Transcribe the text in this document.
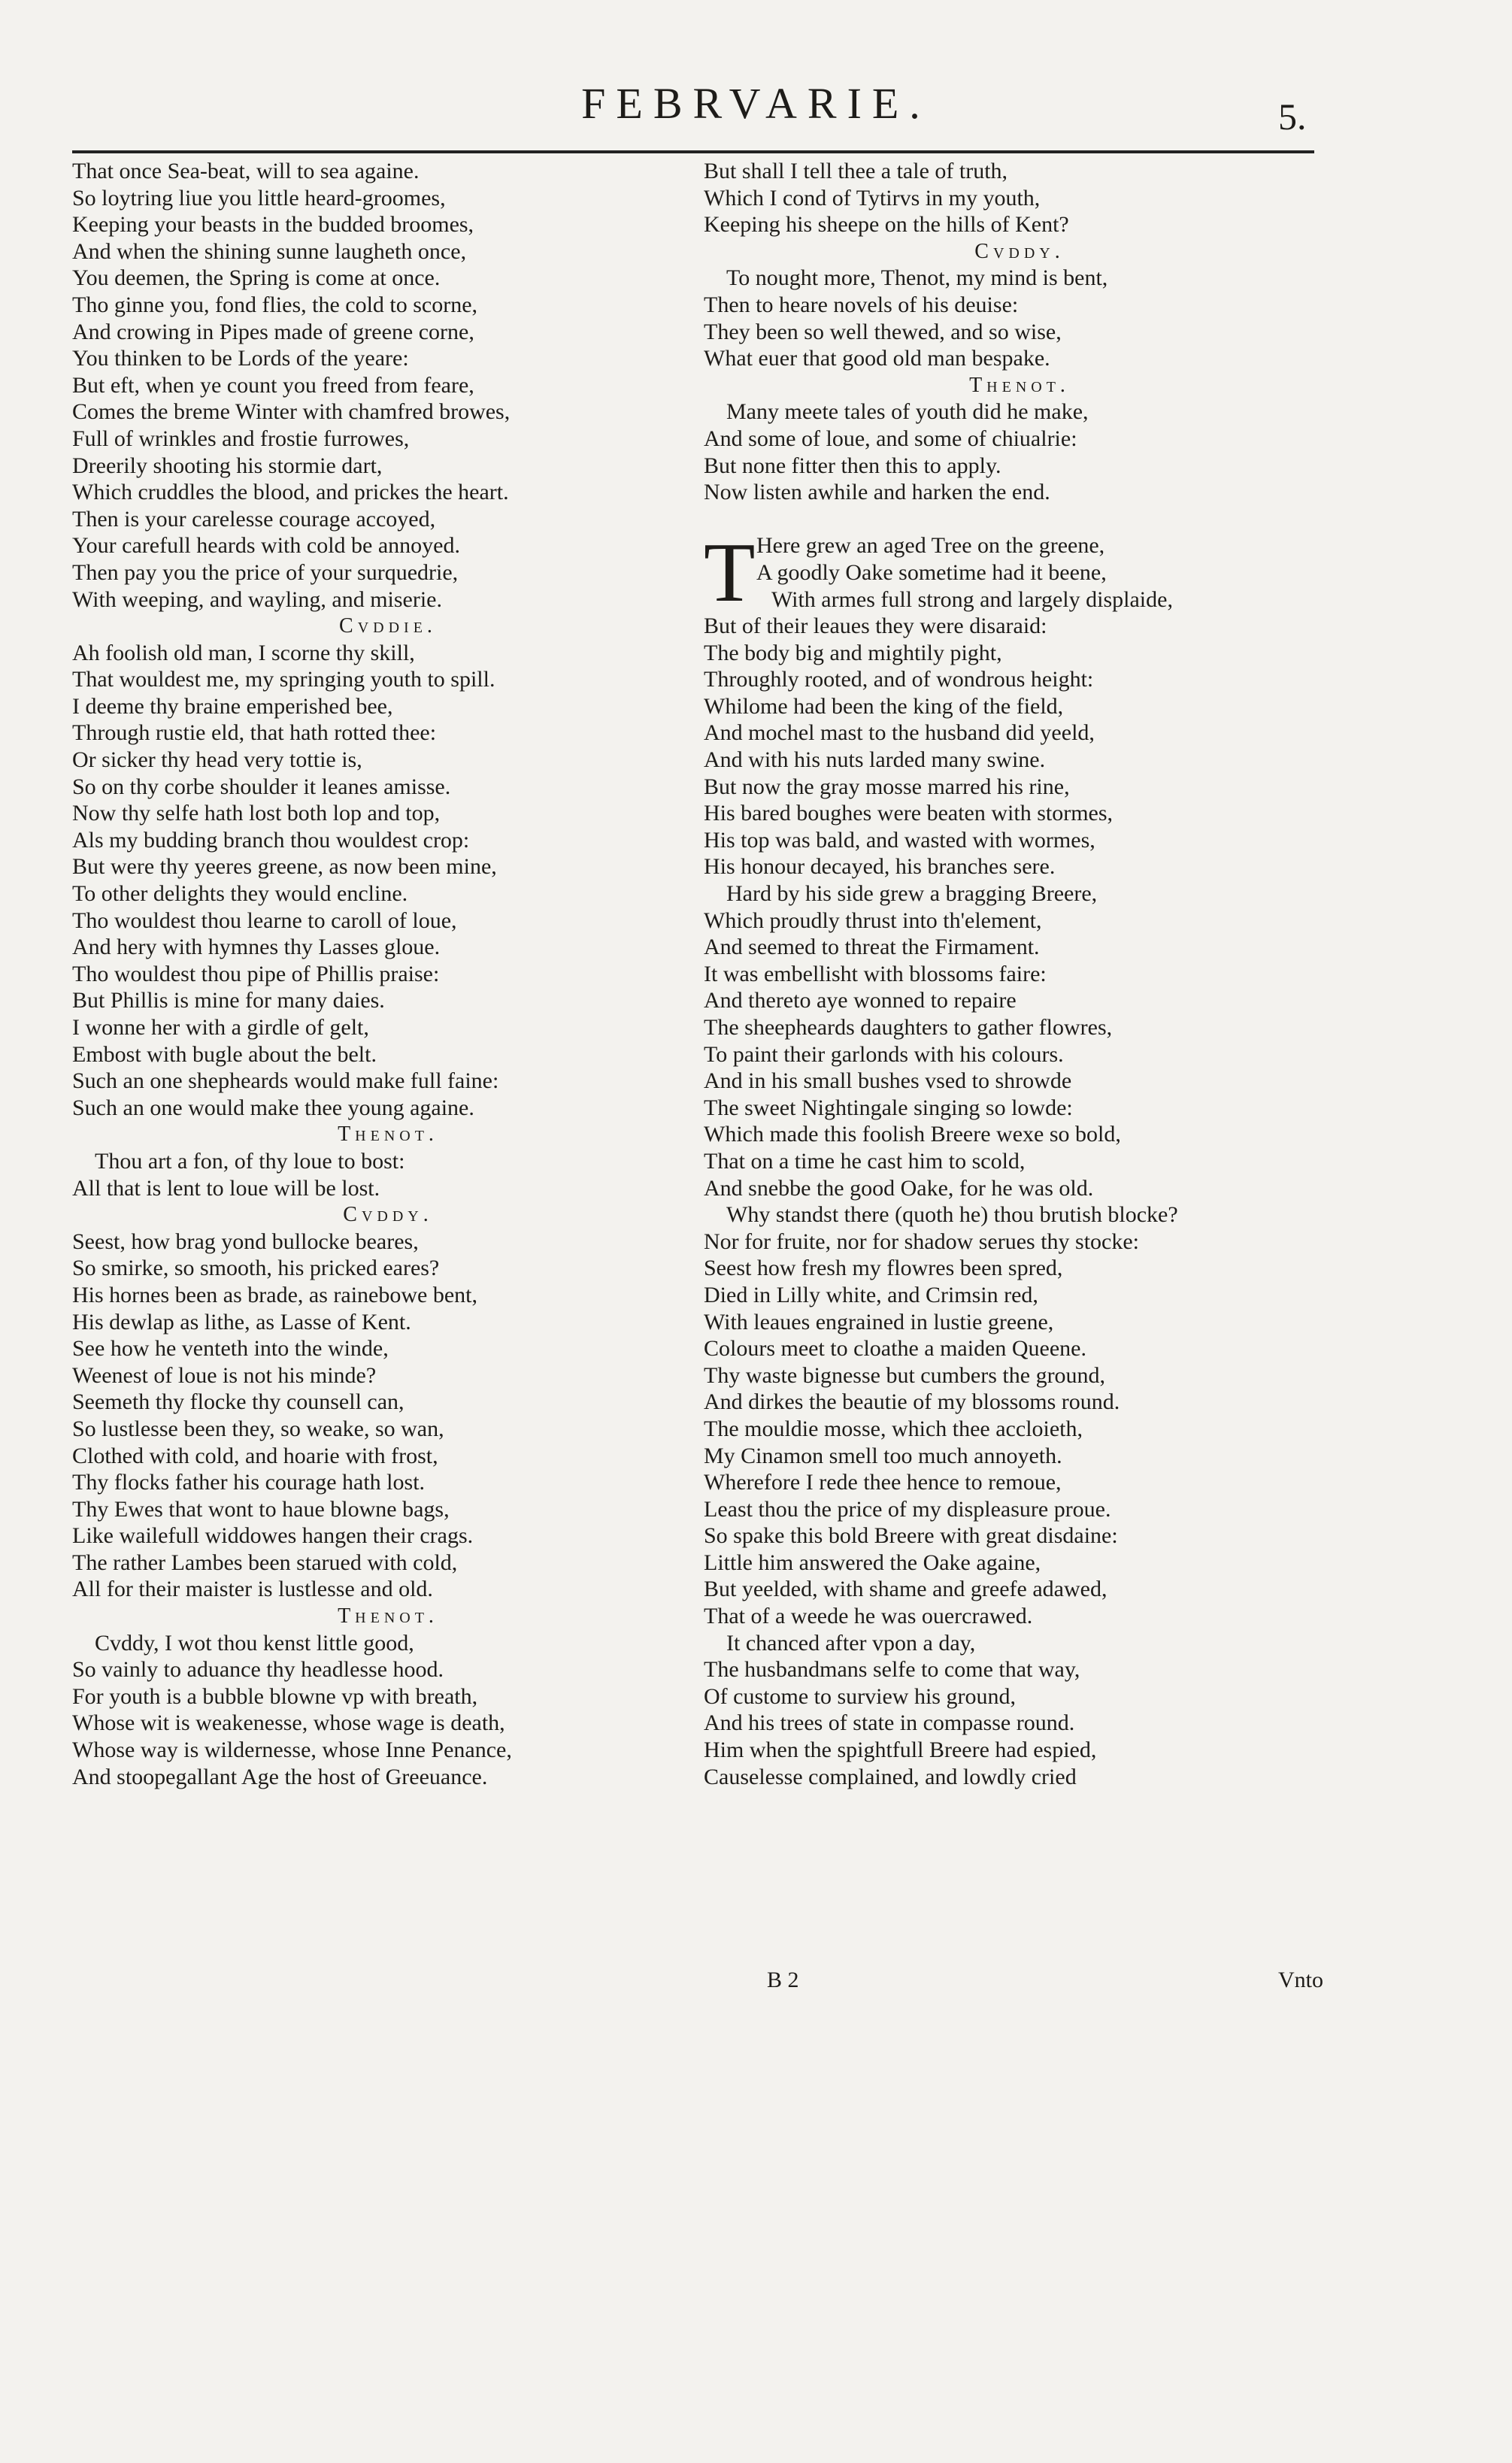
FEBRVARIE.	5.
That once Sea-beat, will to sea againe.
So loytring liue you little heard-groomes,
Keeping your beasts in the budded broomes,
And when the shining sunne laugheth once,
You deemen, the Spring is come at once.
Tho ginne you, fond flies, the cold to scorne,
And crowing in Pipes made of greene corne,
You thinken to be Lords of the yeare:
But eft, when ye count you freed from feare,
Comes the breme Winter with chamfred browes,
Full of wrinkles and frostie furrowes,
Dreerily shooting his stormie dart,
Which cruddles the blood, and prickes the heart.
Then is your carelesse courage accoyed,
Your carefull heards with cold be annoyed.
Then pay you the price of your surquedrie,
With weeping, and wayling, and miserie.
Cvddie.
Ah foolish old man, I scorne thy skill,
That wouldest me, my springing youth to spill.
I deeme thy braine emperished bee,
Through rustie eld, that hath rotted thee:
Or sicker thy head very tottie is,
So on thy corbe shoulder it leanes amisse.
Now thy selfe hath lost both lop and top,
Als my budding branch thou wouldest crop:
But were thy yeeres greene, as now been mine,
To other delights they would encline.
Tho wouldest thou learne to caroll of loue,
And hery with hymnes thy Lasses gloue.
Tho wouldest thou pipe of Phillis praise:
But Phillis is mine for many daies.
I wonne her with a girdle of gelt,
Embost with bugle about the belt.
Such an one shepheards would make full faine:
Such an one would make thee young againe.
Thenot.
Thou art a fon, of thy loue to bost:
All that is lent to loue will be lost.
Cvddy.
Seest, how brag yond bullocke beares,
So smirke, so smooth, his pricked eares?
His hornes been as brade, as rainebowe bent,
His dewlap as lithe, as Lasse of Kent.
See how he venteth into the winde,
Weenest of loue is not his minde?
Seemeth thy flocke thy counsell can,
So lustlesse been they, so weake, so wan,
Clothed with cold, and hoarie with frost,
Thy flocks father his courage hath lost.
Thy Ewes that wont to haue blowne bags,
Like wailefull widdowes hangen their crags.
The rather Lambes been starued with cold,
All for their maister is lustlesse and old.
Thenot.
Cvddy, I wot thou kenst little good,
So vainly to aduance thy headlesse hood.
For youth is a bubble blowne vp with breath,
Whose wit is weakenesse, whose wage is death,
Whose way is wildernesse, whose Inne Penance,
And stoopegallant Age the host of Greeuance.
But shall I tell thee a tale of truth,
Which I cond of Tytirvs in my youth,
Keeping his sheepe on the hills of Kent?
Cvddy.
To nought more, Thenot, my mind is bent,
Then to heare novels of his deuise:
They been so well thewed, and so wise,
What euer that good old man bespake.
Thenot.
Many meete tales of youth did he make,
And some of loue, and some of chiualrie:
But none fitter then this to apply.
Now listen awhile and harken the end.
T Here grew an aged Tree on the greene,
A goodly Oake sometime had it beene,
With armes full strong and largely displaide,
But of their leaues they were disaraid:
The body big and mightily pight,
Throughly rooted, and of wondrous height:
Whilome had been the king of the field,
And mochel mast to the husband did yeeld,
And with his nuts larded many swine.
But now the gray mosse marred his rine,
His bared boughes were beaten with stormes,
His top was bald, and wasted with wormes,
His honour decayed, his branches sere.
Hard by his side grew a bragging Breere,
Which proudly thrust into th'element,
And seemed to threat the Firmament.
It was embellisht with blossoms faire:
And thereto aye wonned to repaire
The sheepheards daughters to gather flowres,
To paint their garlonds with his colours.
And in his small bushes vsed to shrowde
The sweet Nightingale singing so lowde:
Which made this foolish Breere wexe so bold,
That on a time he cast him to scold,
And snebbe the good Oake, for he was old.
Why standst there (quoth he) thou brutish blocke?
Nor for fruite, nor for shadow serues thy stocke:
Seest how fresh my flowres been spred,
Died in Lilly white, and Crimsin red,
With leaues engrained in lustie greene,
Colours meet to cloathe a maiden Queene.
Thy waste bignesse but cumbers the ground,
And dirkes the beautie of my blossoms round.
The mouldie mosse, which thee accloieth,
My Cinamon smell too much annoyeth.
Wherefore I rede thee hence to remoue,
Least thou the price of my displeasure proue.
So spake this bold Breere with great disdaine:
Little him answered the Oake againe,
But yeelded, with shame and greefe adawed,
That of a weede he was ouercrawed.
It chanced after vpon a day,
The husbandmans selfe to come that way,
Of custome to surview his ground,
And his trees of state in compasse round.
Him when the spightfull Breere had espied,
Causelesse complained, and lowdly cried
B 2	Vnto
